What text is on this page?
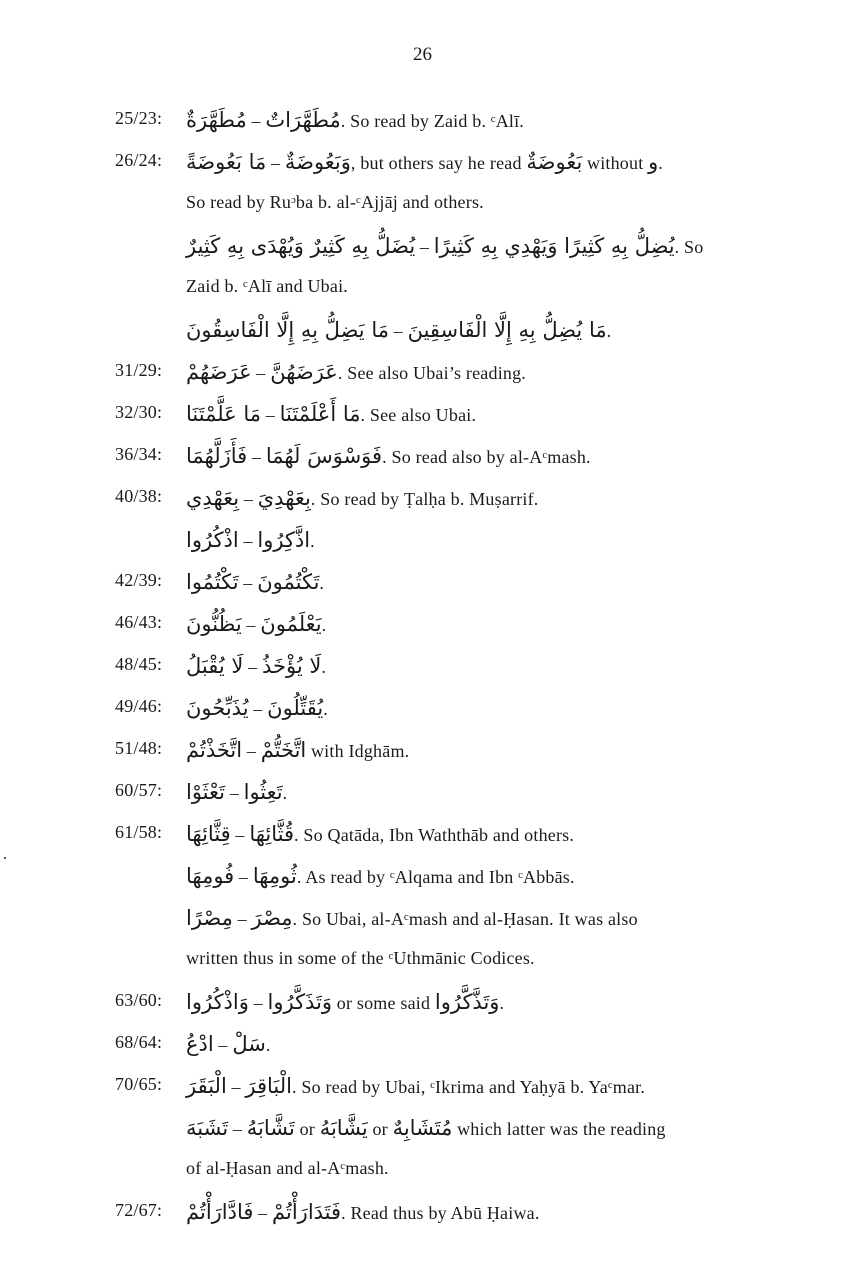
26
25/23: مُطَهَّرَةٌ – مُطَهَّرَاتٌ. So read by Zaid b. ᶜAlī.
26/24: مَا بَعُوضَةً – وَبَعُوضَةٌ, but others say he read بَعُوضَةٌ without و.
So read by Ruᵓba b. al-ᶜAjjāj and others.
يُضَلُّ بِهِ كَثِيرٌ وَيُهْدَى بِهِ كَثِيرٌ – يُضِلُّ بِهِ كَثِيرًا وَيَهْدِي بِهِ كَثِيرًا. So
Zaid b. ᶜAlī and Ubai.
مَا يَضِلُّ بِهِ إِلَّا الْفَاسِقُونَ – مَا يُضِلُّ بِهِ إِلَّا الْفَاسِقِينَ.
31/29: عَرَضَهُمْ – عَرَضَهُنَّ. See also Ubai’s reading.
32/30: مَا عَلَّمْتَنَا – مَا أَعْلَمْتَنَا. See also Ubai.
36/34: فَأَزَلَّهُمَا – فَوَسْوَسَ لَهُمَا. So read also by al-Aᶜmash.
40/38: بِعَهْدِي – بِعَهْدِيَ. So read by Ṭalḥa b. Muṣarrif.
اذْكُرُوا – اذَّكِرُوا.
42/39: تَكْتُمُوا – تَكْتُمُونَ.
46/43: يَظُنُّونَ – يَعْلَمُونَ.
48/45: لَا يُقْبَلُ – لَا يُؤْخَذُ.
49/46: يُذَبِّحُونَ – يُقَتِّلُونَ.
51/48: اتَّخَذْتُمْ – اتَّخَتُّمْ with Idghām.
60/57: تَعْثَوْا – تَعِثُوا.
61/58: قِثَّائِهَا – قُثَّائِهَا. So Qatāda, Ibn Waththāb and others.
فُومِهَا – ثُومِهَا. As read by ᶜAlqama and Ibn ᶜAbbās.
مِصْرًا – مِصْرَ. So Ubai, al-Aᶜmash and al-Ḥasan. It was also
written thus in some of the ᶜUthmānic Codices.
63/60: وَاذْكُرُوا – وَتَذَكَّرُوا or some said وَتَذَّكَّرُوا.
68/64: ادْعُ – سَلْ.
70/65: الْبَقَرَ – الْبَاقِرَ. So read by Ubai, ᶜIkrima and Yaḥyā b. Yaᶜmar.
تَشَبَهَ – تَشَّابَهُ or يَشَّابَهُ or مُتَشَابِهٌ which latter was the reading
of al-Ḥasan and al-Aᶜmash.
72/67: فَادَّارَأْتُمْ – فَتَدَارَأْتُمْ. Read thus by Abū Ḥaiwa.
